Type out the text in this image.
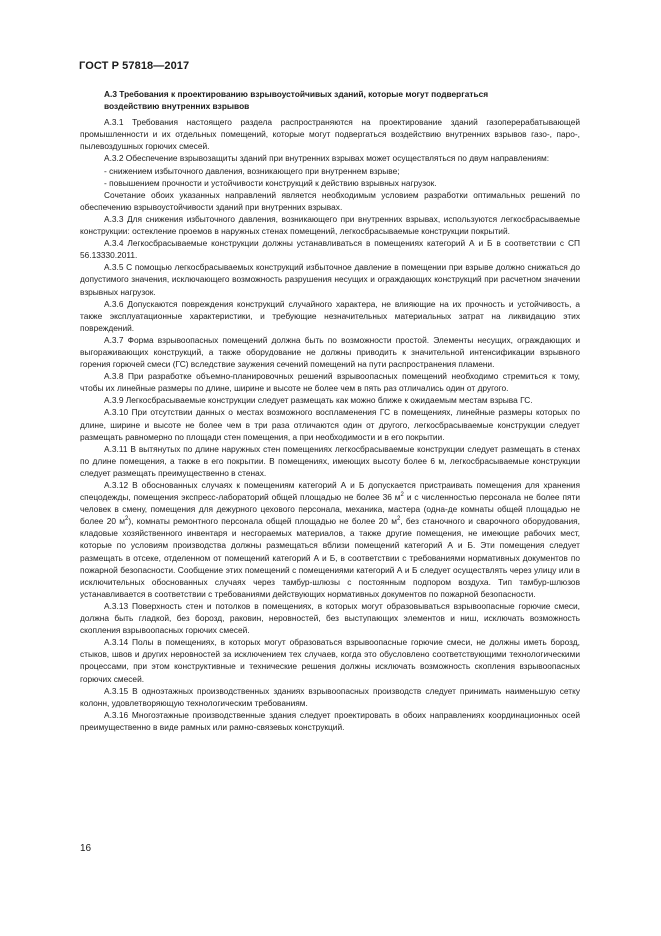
ГОСТ Р 57818—2017

А.3 Требования к проектированию взрывоустойчивых зданий, которые могут подвергаться
воздействию внутренних взрывов

А.3.1 Требования настоящего раздела распространяются на проектирование зданий газоперерабатывающей промышленности и их отдельных помещений, которые могут подвергаться воздействию внутренних взрывов газо-, паро-, пылевоздушных горючих смесей.

А.3.2 Обеспечение взрывозащиты зданий при внутренних взрывах может осуществляться по двум направлениям:

- снижением избыточного давления, возникающего при внутреннем взрыве;

- повышением прочности и устойчивости конструкций к действию взрывных нагрузок.

Сочетание обоих указанных направлений является необходимым условием разработки оптимальных решений по обеспечению взрывоустойчивости зданий при внутренних взрывах.

А.3.3 Для снижения избыточного давления, возникающего при внутренних взрывах, используются легкосбрасываемые конструкции: остекление проемов в наружных стенах помещений, легкосбрасываемые конструкции покрытий.

А.3.4 Легкосбрасываемые конструкции должны устанавливаться в помещениях категорий А и Б в соответствии с СП 56.13330.2011.

А.3.5 С помощью легкосбрасываемых конструкций избыточное давление в помещении при взрыве должно снижаться до допустимого значения, исключающего возможность разрушения несущих и ограждающих конструкций при расчетном значении взрывных нагрузок.

А.3.6 Допускаются повреждения конструкций случайного характера, не влияющие на их прочность и устойчивость, а также эксплуатационные характеристики, и требующие незначительных материальных затрат на ликвидацию этих повреждений.

А.3.7 Форма взрывоопасных помещений должна быть по возможности простой. Элементы несущих, ограждающих и выгораживающих конструкций, а также оборудование не должны приводить к значительной интенсификации взрывного горения горючей смеси (ГС) вследствие заужения сечений помещений на пути распространения пламени.

А.3.8 При разработке объемно-планировочных решений взрывоопасных помещений необходимо стремиться к тому, чтобы их линейные размеры по длине, ширине и высоте не более чем в пять раз отличались один от другого.

А.3.9 Легкосбрасываемые конструкции следует размещать как можно ближе к ожидаемым местам взрыва ГС.

А.3.10 При отсутствии данных о местах возможного воспламенения ГС в помещениях, линейные размеры которых по длине, ширине и высоте не более чем в три раза отличаются один от другого, легкосбрасываемые конструкции следует размещать равномерно по площади стен помещения, а при необходимости и в его покрытии.

А.3.11 В вытянутых по длине наружных стен помещениях легкосбрасываемые конструкции следует размещать в стенах по длине помещения, а также в его покрытии. В помещениях, имеющих высоту более 6 м, легкосбрасываемые конструкции следует размещать преимущественно в стенах.

А.3.12 В обоснованных случаях к помещениям категорий А и Б допускается пристраивать помещения для хранения спецодежды, помещения экспресс-лабораторий общей площадью не более 36 $м^2$ и с численностью персонала не более пяти человек в смену, помещения для дежурного цехового персонала, механика, мастера (одна-де комнаты общей площадью не более 20 $м^2$), комнаты ремонтного персонала общей площадью не более 20 $м^2$, без станочного и сварочного оборудования, кладовые хозяйственного инвентаря и несгораемых материалов, а также другие помещения, не имеющие рабочих мест, которые по условиям производства должны размещаться вблизи помещений категорий А и Б. Эти помещения следует размещать в отсеке, отделенном от помещений категорий А и Б, в соответствии с требованиями нормативных документов по пожарной безопасности. Сообщение этих помещений с помещениями категорий А и Б следует осуществлять через улицу или в исключительных обоснованных случаях через тамбур-шлюзы с постоянным подпором воздуха. Тип тамбур-шлюзов устанавливается в соответствии с требованиями действующих нормативных документов по пожарной безопасности.

А.3.13 Поверхность стен и потолков в помещениях, в которых могут образовываться взрывоопасные горючие смеси, должна быть гладкой, без борозд, раковин, неровностей, без выступающих элементов и ниш, исключать возможность скопления взрывоопасных горючих смесей.

А.3.14 Полы в помещениях, в которых могут образоваться взрывоопасные горючие смеси, не должны иметь борозд, стыков, швов и других неровностей за исключением тех случаев, когда это обусловлено соответствующими технологическими процессами, при этом конструктивные и технические решения должны исключать возможность скопления взрывоопасных горючих смесей.

А.3.15 В одноэтажных производственных зданиях взрывоопасных производств следует принимать наименьшую сетку колонн, удовлетворяющую технологическим требованиям.

А.3.16 Многоэтажные производственные здания следует проектировать в обоих направлениях координационных осей преимущественно в виде рамных или рамно-связевых конструкций.

16
